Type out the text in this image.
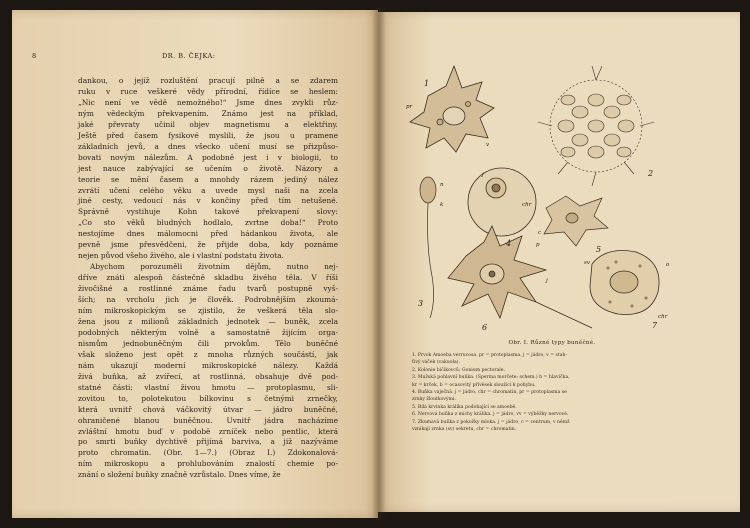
8	DR. B. ČEJKA:

dankou, o jejíž rozluštění pracují pilně a se zdarem

ruku v ruce veškeré vědy přírodní, řídíce se heslem:

„Nic není ve vědě nemožného!“ Jsme dnes zvykli růz-

ným vědeckým překvapením. Známo jest na příklad,

jaké převraty učinil objev magnetismu a elektřiny.

Ještě před časem fysikové myslili, že jsou u pramene

základních jevů, a dnes všecko učení musí se přizpůso-

bovati novým nálezům. A podobně jest i v biologii, to

jest nauce zabývající se učením o životě. Názory a

teorie se mění časem a mnohdy rázem jediný nález

zvrátí učení celého věku a uvede mysl naši na zcela

jiné cesty, vedoucí nás v končiny před tím netušené.

Správně vystihuje Kohn takové překvapení slovy:

„Co sto věků bludných hodlalo, zvrtne doba!“ Proto

nestojíme dnes málomocni před hádankou života, ale

pevně jsme přesvědčeni, že přijde doba, kdy poznáme

nejen původ všeho živého, ale i vlastní podstatu života.

Abychom porozuměli životním dějům, nutno nej-

dříve znáti alespoň částečně skladbu živého těla. V říši

živočišné a rostlinné známe řadu tvarů postupně vyš-

ších; na vrcholu jich je člověk. Podrobnějším zkoumá-

ním mikroskopickým se zjistilo, že veškerá těla slo-

žena jsou z milionů základních jednotek — buněk, zcela

podobných některým volně a samostatně žijícím orga-

nismům jednobuněčným čili prvokům. Tělo buněčné

však složeno jest opět z mnoha různých součástí, jak

nám ukazují moderní mikroskopické nálezy. Každá

živá buňka, až zvířecí, at rostlinná, obsahuje dvě pod-

statné části: vlastní živou hmotu — protoplasmu, sli-

zovitou to, polotekutou bílkovinu s četnými zrnečky,

která uvnitř chová váčkovitý útvar — jádro buněčné,

ohraničené blanou buněčnou. Uvnitř jádra nacházíme

zvláštní hmotu buď v podobě zrníček nebo pentlic, která

po smrti buňky dychtivě přijímá barviva, a již nazýváme

proto chromatin. (Obr. 1—7.) (Obraz I.) Zdokonalová-

ním mikroskopu a prohlubováním znalostí chemie po-

znání o složení buňky značně vzrůstalo. Dnes víme, že

1
2
3
4
5
6	7
pr
v
n
j
k	chr
c
p
sv	o
j
chr
Obr. I. Různé typy buněčné.
1. Prvok Amoeba verrucosa. pr = protoplasma, j = jádro, v = stah-
ťivý váček (vakuola).
2. Kolonie bičíkovců: Gonium pectorale.
3. Mužská pohlavní buňka. (Sperma morčete: schem.) h = hlavička,
kr = krček, b = ocasovitý přívěsek sloužící k pohybu.
4. Buňka vaječná. j = jádro, chr = chromatin, pr = protoplasma se
zrnky žloutkovými.
5. Bílá krvinka králíka podobající se amoebě.
6. Nervová buňka z míchy králíka. j = jádro, vv = výběžky nervové.
7. Zkumavá buňka z pokožky mloka. j = jádro, c = centrum, v němž
vznikají zrnka (sv) sekretu, chr = chromatin.
